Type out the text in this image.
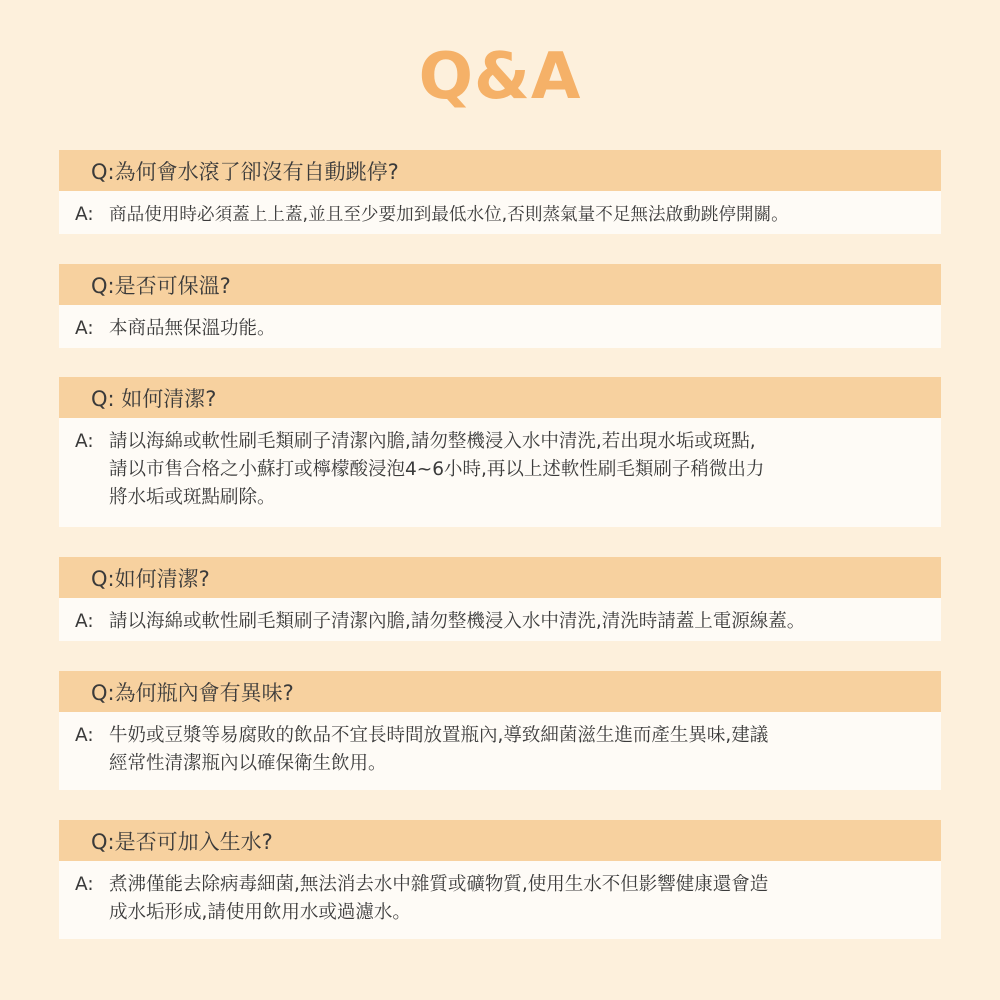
Q&A
Q:為何會水滾了卻沒有自動跳停?
A: 商品使用時必須蓋上上蓋,並且至少要加到最低水位,否則蒸氣量不足無法啟動跳停開關。
Q:是否可保溫?
A: 本商品無保溫功能。
Q: 如何清潔?
A: 請以海綿或軟性刷毛類刷子清潔內膽,請勿整機浸入水中清洗,若出現水垢或斑點,
請以市售合格之小蘇打或檸檬酸浸泡4~6小時,再以上述軟性刷毛類刷子稍微出力
將水垢或斑點刷除。
Q:如何清潔?
A: 請以海綿或軟性刷毛類刷子清潔內膽,請勿整機浸入水中清洗,清洗時請蓋上電源線蓋。
Q:為何瓶內會有異味?
A: 牛奶或豆漿等易腐敗的飲品不宜長時間放置瓶內,導致細菌滋生進而產生異味,建議
經常性清潔瓶內以確保衛生飲用。
Q:是否可加入生水?
A: 煮沸僅能去除病毒細菌,無法消去水中雜質或礦物質,使用生水不但影響健康還會造
成水垢形成,請使用飲用水或過濾水。
